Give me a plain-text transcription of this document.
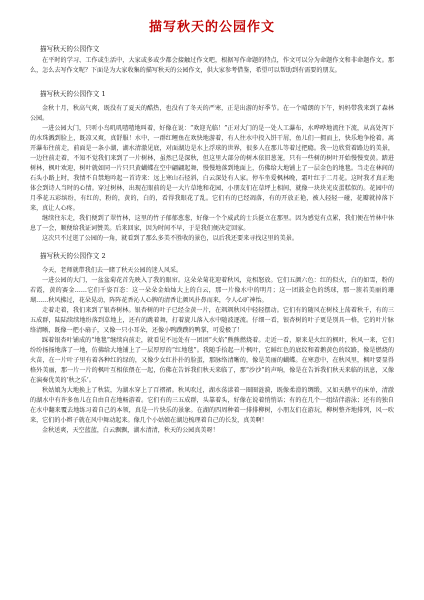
描写秋天的公园作文
描写秋天的公园作文

在平时的学习、工作或生活中，大家或多或少都会接触过作文吧，根据写作命题的特点，作文可以分为命题作文和非命题作文。那么，怎么去写作文呢？下面是为大家收集的描写秋天的公园作文，供大家参考借鉴，希望可以帮助到有需要的朋友。

描写秋天的公园作文 1

金秋十月，秋高气爽，既没有了夏天的酷热，也没有了冬天的严寒，正是出游的好季节。在一个晴朗的下午，妈妈带我来到了森林公园。

一进公园大门，只听小鸟叽叽喳喳地叫着，好像在说：“欢迎光临！”正对大门的是一处人工瀑布，水哗哗地流往下流，从高处泻下的水珠溅到脸上，既凉又爽，真舒服！水中，一群红鲤鱼在欢快地游着，有人往水中投入饼干屑，鱼儿们一拥而上，快乐地争抢着。离开瀑布往前走，前面是一条小湖，湖水清澈见底，对面湖边是水上浮球的世界，很多人在那儿等着过把瘾。我一边欣赏着路边的美景，一边往前走着，不知不觉我们来到了一片树林，虽然已是深秋，但这里大部分的树木依旧葱茏，只有一些树的树叶开始慢慢变黄。踏进树林，枫叶欢迎，树叶就如同一片只只黄蝴蝶在空中翩翩起舞，慢慢地落到地面上，仿佛给大地铺上了一层金色的地毯。当走在林间的石头小路上时，我情不自禁地吟起一首诗来：远上寒山石径斜，白云深处有人家。停车坐爱枫林晚，霜叶红于二月花。这时我才真正地体会到诗人当时的心情。穿过树林，出现在眼前的是一大片草地和花园，小朋友们在草坪上相间，就像一块块光皮蛋糕似的。花园中的月季花五彩缤纷，有红的，粉的，黄的，白的，看得我眼花了乱。它们有的已经凋落，有的开放正艳，被人轻轻一碰，花瓣就掉落下来，真让人心疼。

继续往东走，我们便到了翠竹林，这里的竹子郁郁葱葱，好像一个个威武的士兵挺立在那里。因为感觉有点累，我们便在竹林中休息了一会，顺便给我证词赞美。后来回家，因为时间不早，于是我们便决定回家。

这次只不过逛了公园的一角，就看到了那么多美不胜收的景色，以后我还要来寻找这里的美景。

描写秋天的公园作文 2

今天，老师就带我们去一睹了秋天公园的迷人风采。

一进公园的大门，一盆盆菊花首先映入了我的眼帘。这朵朵菊花迎着秋风，竞相怒放。它们五颜六色：红的似火，白的如雪，粉的若霞，黄的赛金……它们千姿百态：这一朵朵金灿灿大上的白云，那一片像水中的明月；这一团鼓金色的绣球，那一簇若美丽的珊瑚……秋风拂过，花朵晃动，阵阵花香沁人心脾的清香让颜风扑鼻而来，令人心旷神怡。

走着走着，我们来到了银杏树林。银杏树的叶子已经金黄一片，在飒飒秋风中轻轻摆动。它们有的随风在树枝上荡着秋千，有的三五成群，陆陆续续地纷落到草地上，还有的跳着舞，打着旋儿落入水中随波逐流。仔细一看，银杏树的叶子更是别具一格，它的叶片脉络清晰，既像一把小扇子，又像一只小耳朵，还像小鸭蹼蹼的鸭掌，可爱极了！

踩着银杏叶铺成的“地毯”继续向前走，就看见不远处有一团团“火焰”熊熊燃烧着。走近一看，原来是火红的枫叶，秋风一来，它们纷纷扬扬地落了一地，仿佛给大地铺上了一层厚厚的“红地毯”。我随手拾起一片枫叶，它鲜红色的底纹和着鹅黄色的纹路，像是燃烧的火苗，在一片叶子里有着各种红的绿的，又像少女红扑扑的脸蛋，那脉络清晰的，像是美丽的蝴蝶。在寒意中，在秋风里，枫叶要显得格外美丽，那一片一片的枫叶互相依偎在一起，仿佛在告诉我们秋天来临了，那“沙沙”的声响，像是在告诉我们秋天来临的讯息，又像在演奏优美的‘秋之乐’。

秋姑娘为大地换上了秋装，为湖水穿上了百褶裙。秋风吹过，湖水荡漾着一圈圈涟漪，既像柔滑的绸缎，又如天鹅平的床单，清澈的湖水中有许多鱼儿在自由自在地畅游着。它们有的三五成群，头靠着头，好像在说着悄悄话；有的在几个一组结伴游泳；还有的独自在水中翻来覆去地练习着自己的本领，真是一片快乐的景象。在湖的四周种着一排排柳树，小朋友们在游玩，柳树整齐地排列，风一吹来，它们的小辫子就在风中舞动起来。像几个小姑娘在湖边梳理着自己的长发，真美啊！

金秋送爽，天空蓝蓝，白云飘飘，湖水清清，秋天的公园真美呀！
